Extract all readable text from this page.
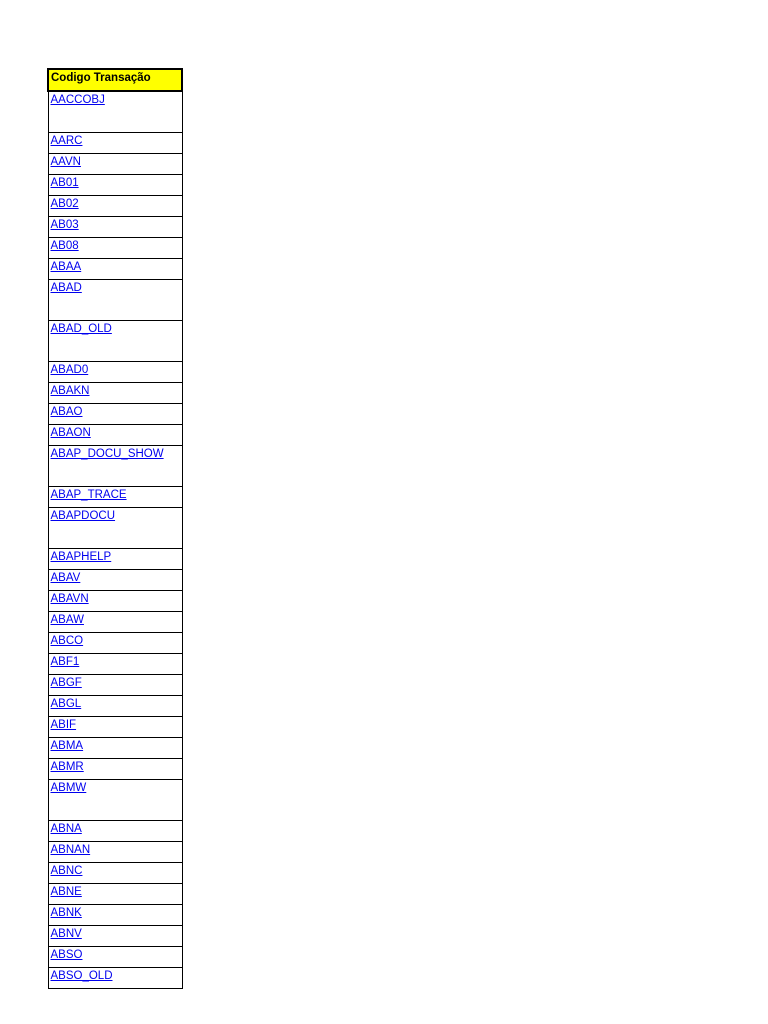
Codigo Transação
AACCOBJ
AARC
AAVN
AB01
AB02
AB03
AB08
ABAA
ABAD
ABAD_OLD
ABAD0
ABAKN
ABAO
ABAON
ABAP_DOCU_SHOW
ABAP_TRACE
ABAPDOCU
ABAPHELP
ABAV
ABAVN
ABAW
ABCO
ABF1
ABGF
ABGL
ABIF
ABMA
ABMR
ABMW
ABNA
ABNAN
ABNC
ABNE
ABNK
ABNV
ABSO
ABSO_OLD
